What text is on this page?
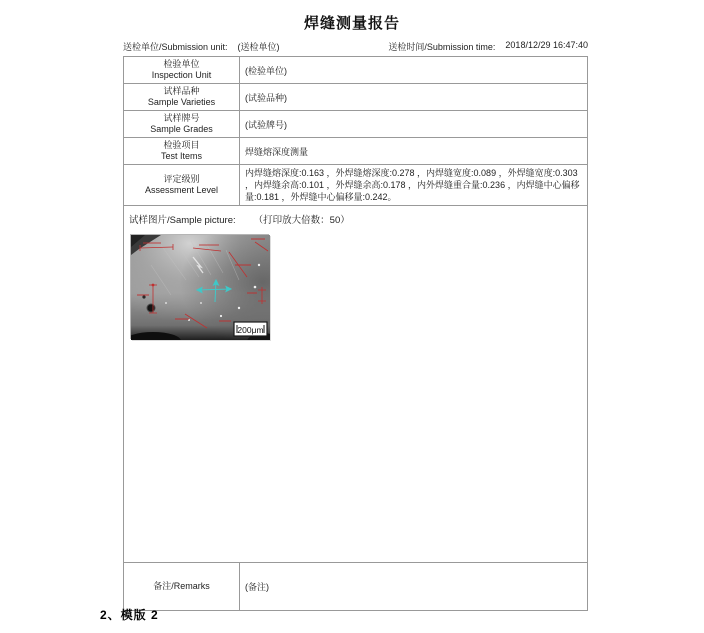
焊缝测量报告
送检单位/Submission unit: (送检单位)	送检时间/Submission time: 2018/12/29 16:47:40
检验单位
Inspection Unit	(检验单位)

试样品种
Sample Varieties	(试验品种)

试样牌号
Sample Grades	(试验牌号)

检验项目
Test Items	焊缝熔深度测量

评定级别
Assessment Level	内焊缝熔深度:0.163 ，外焊缝熔深度:0.278 ，内焊缝宽度:0.089 ，外焊缝宽度:0.303 ，内焊缝余高:0.101 ，外焊缝余高:0.178 ，内外焊缝重合量:0.236 ，内焊缝中心偏移量:0.181 ，外焊缝中心偏移量:0.242。

试样图片/Sample picture: （打印放大倍数：50）
200μm	

备注/Remarks	(备注)
2、模版 2
